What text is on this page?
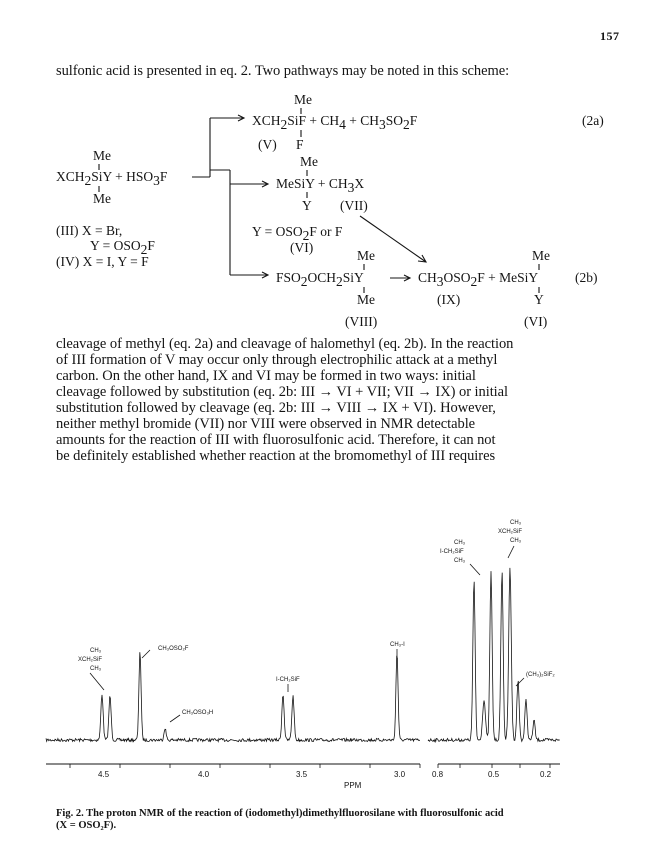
157
sulfonic acid is presented in eq. 2. Two pathways may be noted in this scheme:
Me
XCH2SiY + HSO3F
Me
(III) X = Br,
Y = OSO2F
(IV) X = I, Y = F
Me
XCH2SiF + CH4 + CH3SO2F
(V) F
(2a)
Me
MeSiY + CH3X
Y (VII)
Y = OSO2F or F
(VI)
Me	Me
FSO2OCH2SiY	CH3OSO2F + MeSiY	(2b)
Me	(IX)	Y
(VIII)	(VI)
cleavage of methyl (eq. 2a) and cleavage of halomethyl (eq. 2b). In the reaction
of III formation of V may occur only through electrophilic attack at a methyl
carbon. On the other hand, IX and VI may be formed in two ways: initial
cleavage followed by substitution (eq. 2b: III → VI + VII; VII → IX) or initial
substitution followed by cleavage (eq. 2b: III → VIII → IX + VI). However,
neither methyl bromide (VII) nor VIII were observed in NMR detectable
amounts for the reaction of III with fluorosulfonic acid. Therefore, it can not
be definitely established whether reaction at the bromomethyl of III requires
CH₃
XCH₂SiF
CH₃
CH₃OSO₂F
CH₃OSO₃H
I-CH₂SiF
CH₃-I
CH₃
XCH₂SiF
CH₃
CH₃
I-CH₂SiF
CH₃
(CH₃)₂SiF₂
4.5	4.0	3.5	3.0	0.8	0.5	0.2
PPM
Fig. 2. The proton NMR of the reaction of (iodomethyl)dimethylfluorosilane with fluorosulfonic acid
(X = OSO₂F).
